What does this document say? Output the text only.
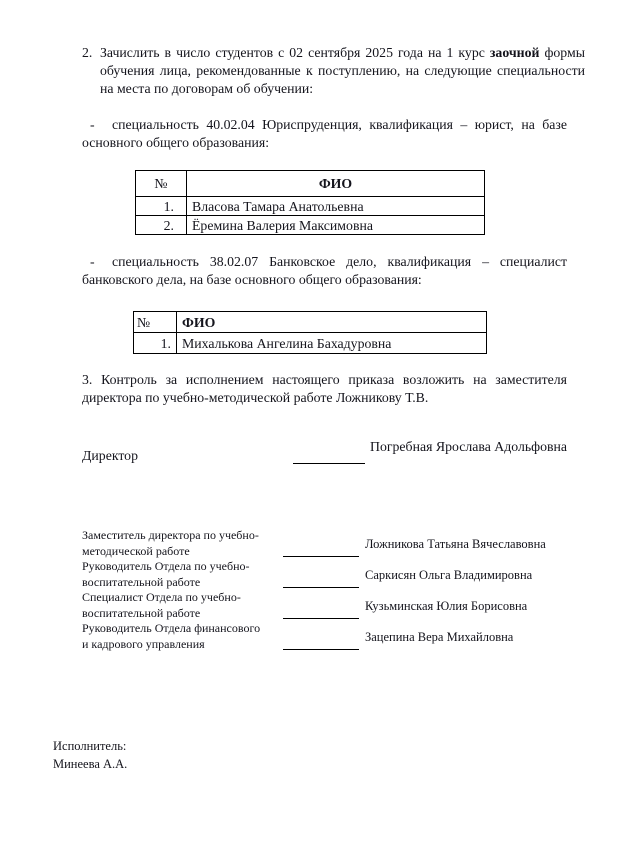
2. Зачислить в число студентов с 02 сентября 2025 года на 1 курс заочной формы обучения лица, рекомендованные к поступлению, на следующие специальности на места по договорам об обучении:
- специальность 40.02.04 Юриспруденция, квалификация – юрист, на базе основного общего образования:
№	ФИО
1.	Власова Тамара Анатольевна
2.	Ёремина Валерия Максимовна
- специальность 38.02.07 Банковское дело, квалификация – специалист банковского дела, на базе основного общего образования:
№	ФИО
1.	Михалькова Ангелина Бахадуровна
3. Контроль за исполнением настоящего приказа возложить на заместителя директора по учебно-методической работе Ложникову Т.В.
Погребная Ярослава Адольфовна
Директор
Заместитель директора по учебно-
методической работе	Ложникова Татьяна Вячеславовна
Руководитель Отдела по учебно-
воспитательной работе	Саркисян Ольга Владимировна
Специалист Отдела по учебно-
воспитательной работе	Кузьминская Юлия Борисовна
Руководитель Отдела финансового
и кадрового управления	Зацепина Вера Михайловна
Исполнитель:
Минеева А.А.
